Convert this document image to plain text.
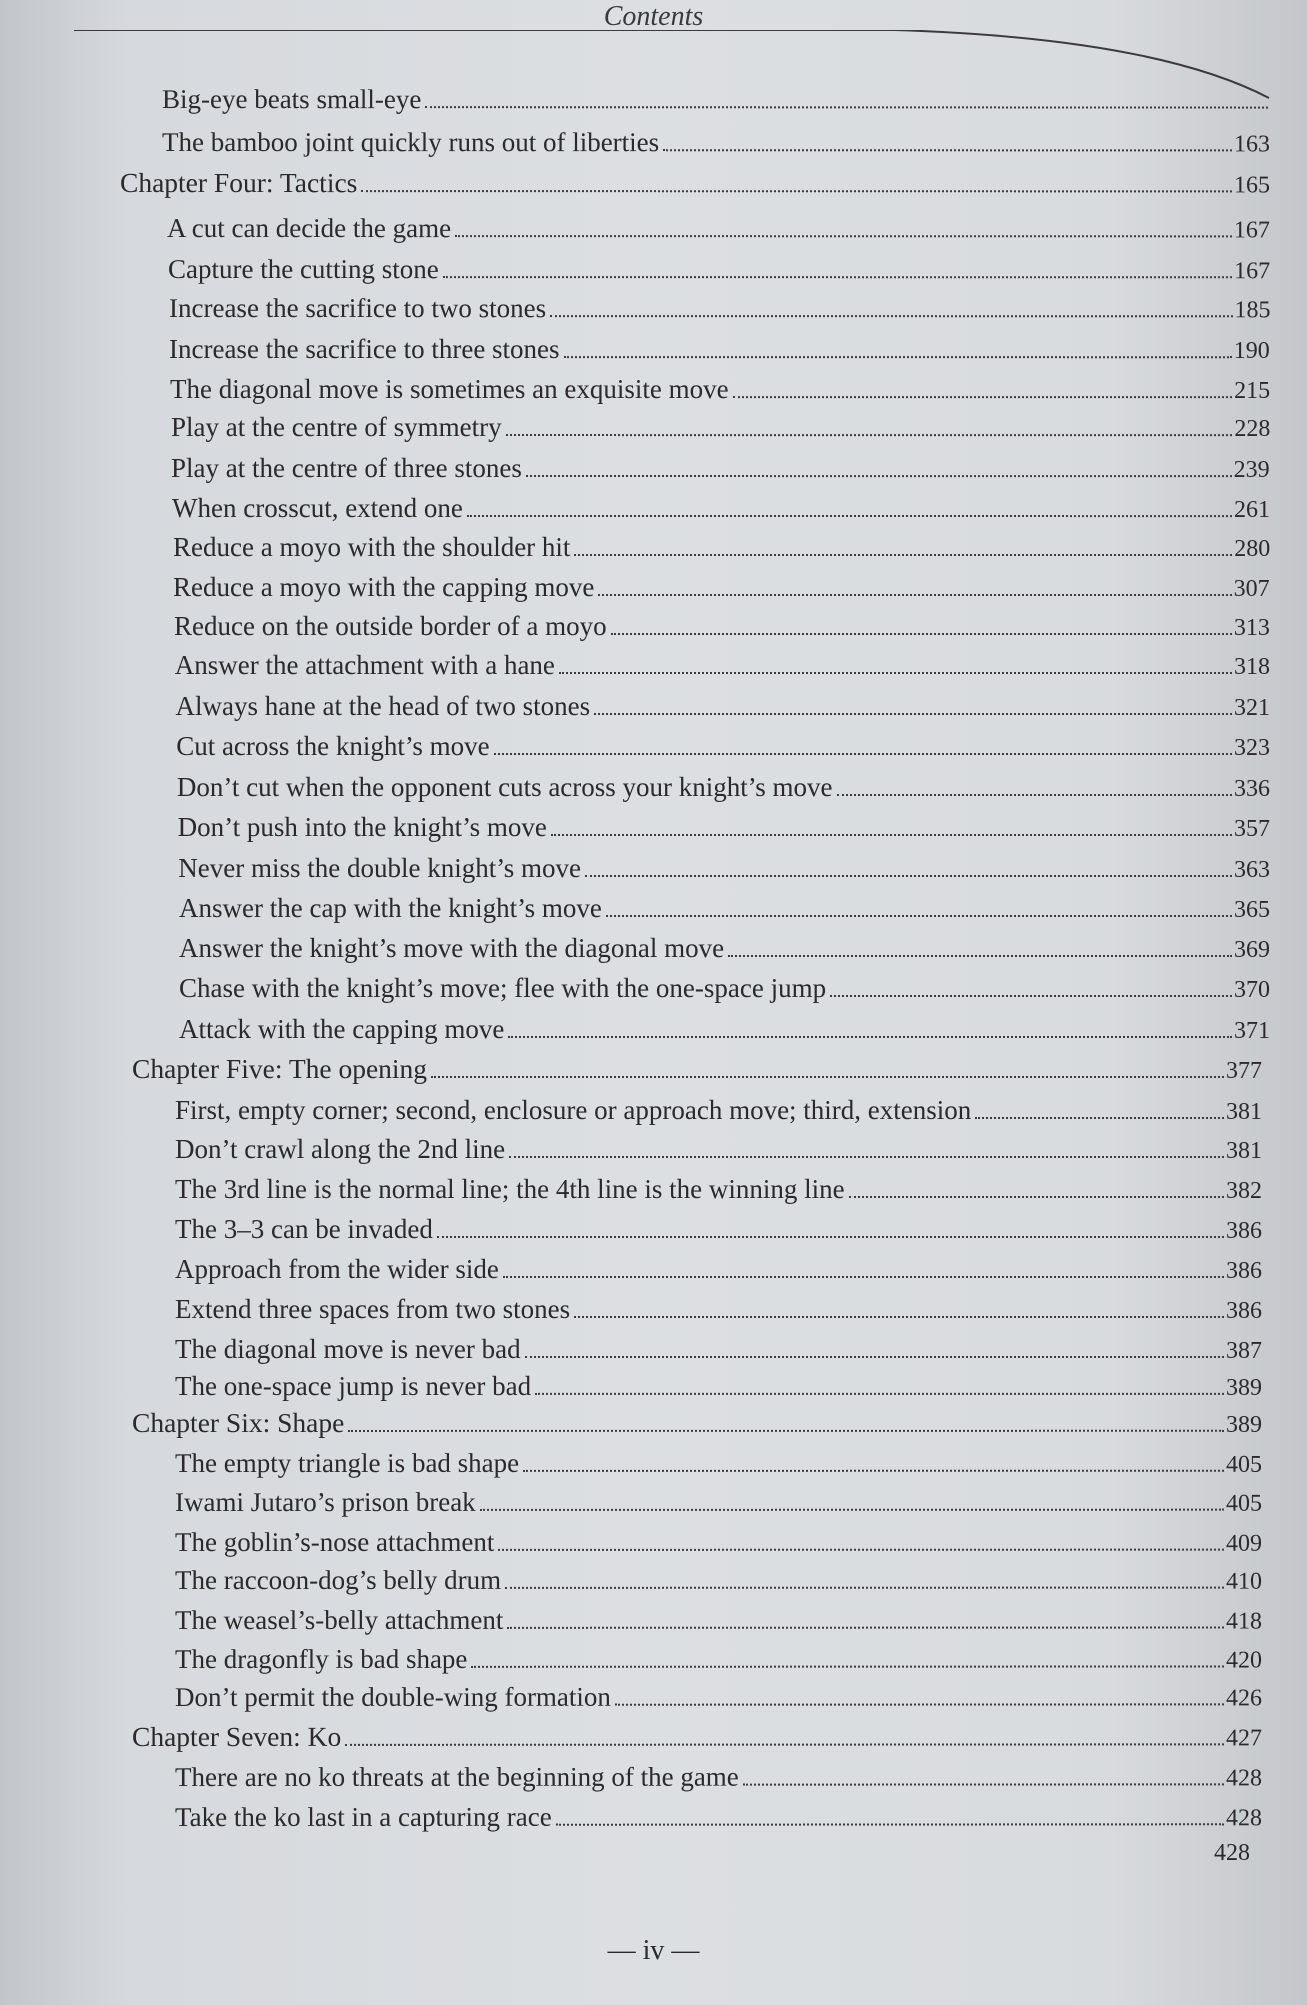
Contents
Big-eye beats small-eye
The bamboo joint quickly runs out of liberties	163
Chapter Four: Tactics	165
A cut can decide the game	167
Capture the cutting stone	167
Increase the sacrifice to two stones	185
Increase the sacrifice to three stones	190
The diagonal move is sometimes an exquisite move	215
Play at the centre of symmetry	228
Play at the centre of three stones	239
When crosscut, extend one	261
Reduce a moyo with the shoulder hit	280
Reduce a moyo with the capping move	307
Reduce on the outside border of a moyo	313
Answer the attachment with a hane	318
Always hane at the head of two stones	321
Cut across the knight’s move	323
Don’t cut when the opponent cuts across your knight’s move	336
Don’t push into the knight’s move	357
Never miss the double knight’s move	363
Answer the cap with the knight’s move	365
Answer the knight’s move with the diagonal move	369
Chase with the knight’s move; flee with the one-space jump	370
Attack with the capping move	371
Chapter Five: The opening	377
First, empty corner; second, enclosure or approach move; third, extension	381
Don’t crawl along the 2nd line	381
The 3rd line is the normal line; the 4th line is the winning line	382
The 3–3 can be invaded	386
Approach from the wider side	386
Extend three spaces from two stones	386
The diagonal move is never bad	387
The one-space jump is never bad	389
Chapter Six: Shape	389
The empty triangle is bad shape	405
Iwami Jutaro’s prison break	405
The goblin’s-nose attachment	409
The raccoon-dog’s belly drum	410
The weasel’s-belly attachment	418
The dragonfly is bad shape	420
Don’t permit the double-wing formation	426
Chapter Seven: Ko	427
There are no ko threats at the beginning of the game	428
Take the ko last in a capturing race	428
428
— iv —
